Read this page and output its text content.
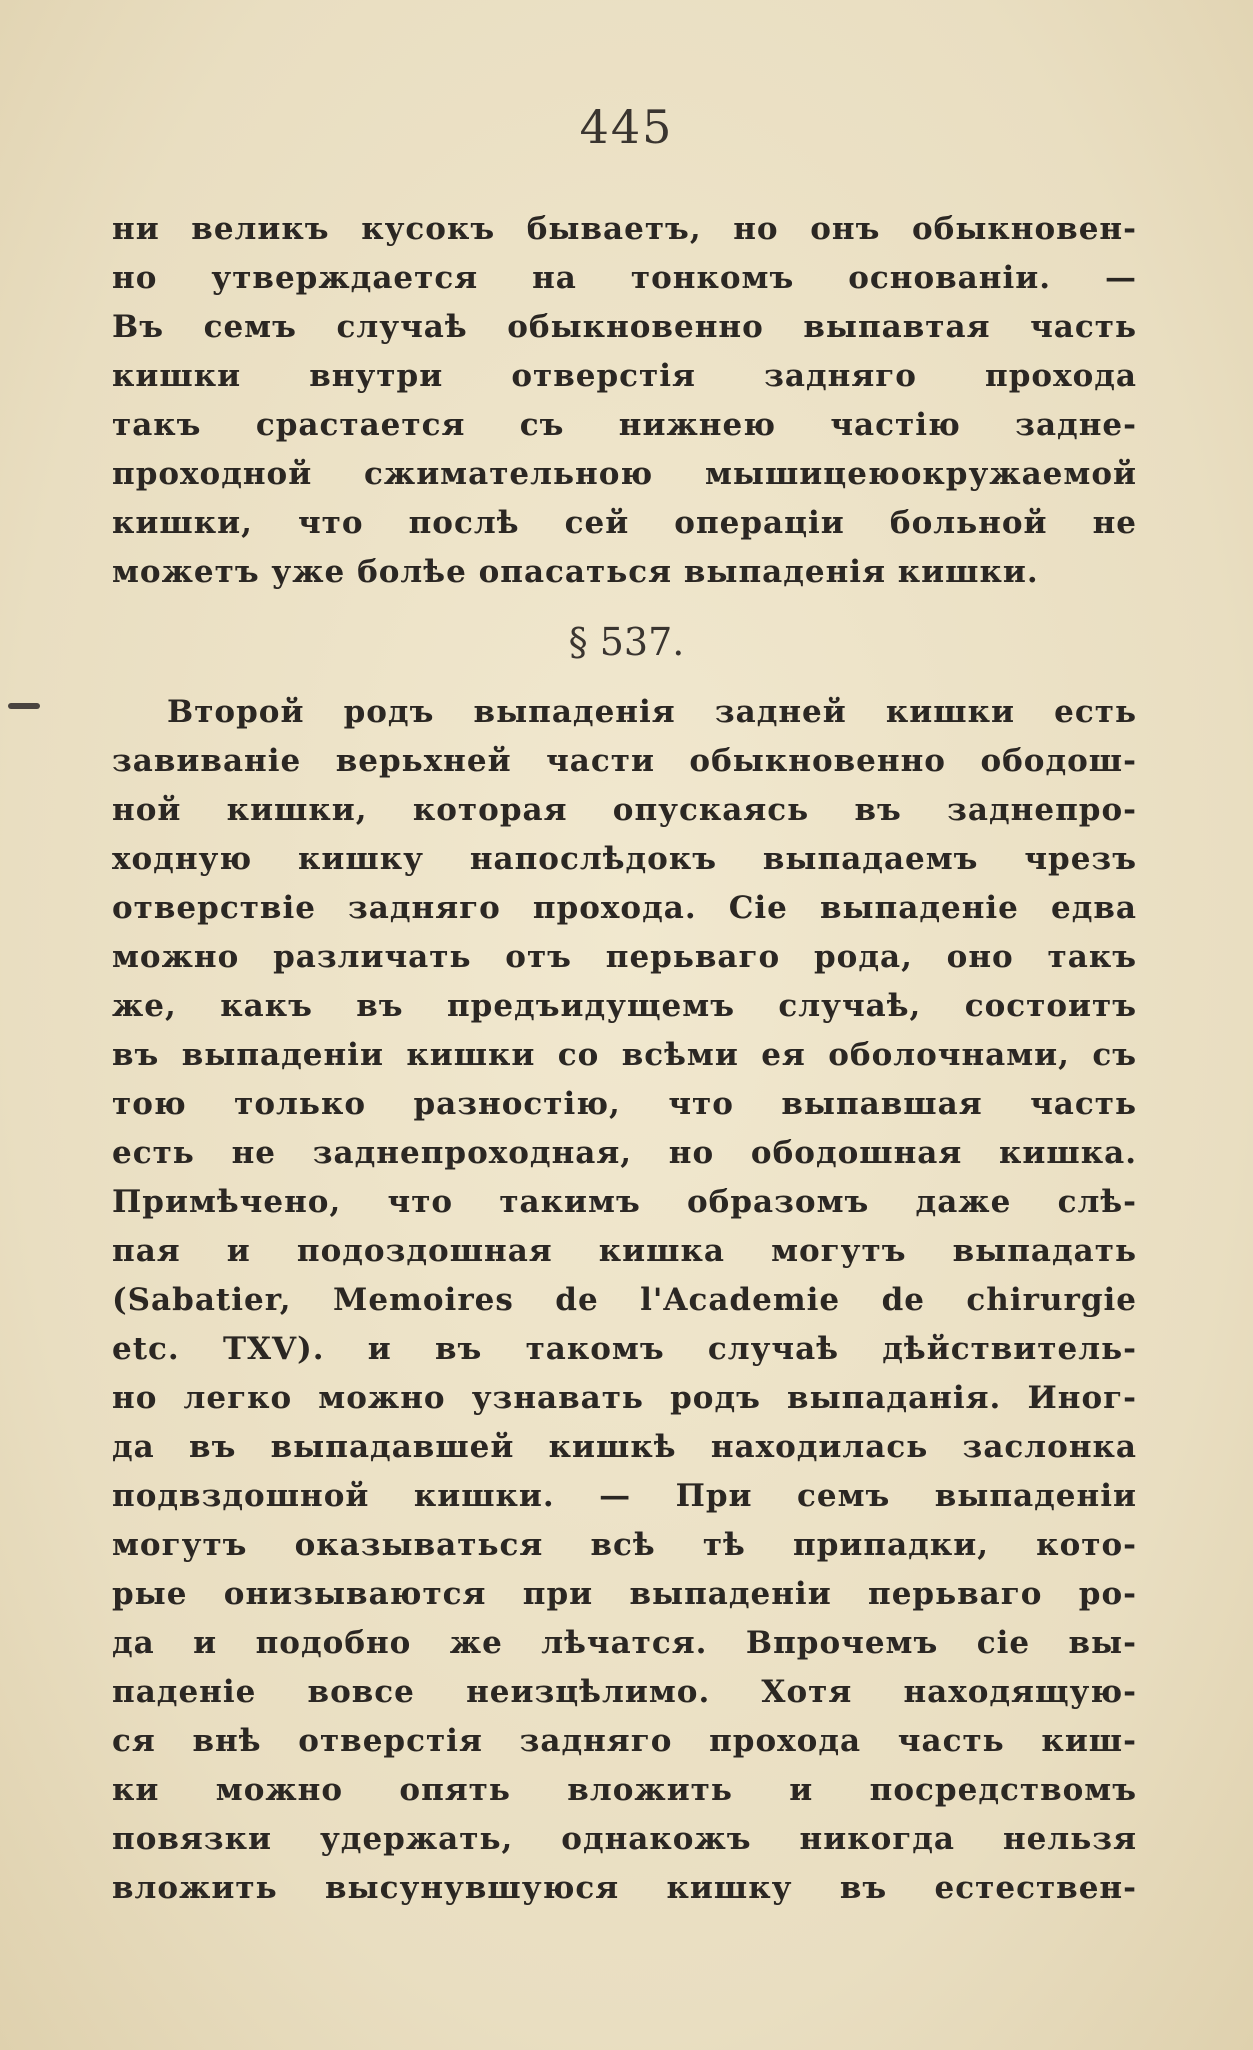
445
ни великъ кусокъ бываетъ, но онъ обыкновен-
но утверждается на тонкомъ основаніи. —
Въ семъ случаѣ обыкновенно выпавтая часть
кишки внутри отверстія задняго прохода
такъ срастается съ нижнею частію задне-
проходной сжимательною мышицеюокружаемой
кишки, что послѣ сей операціи больной не
можетъ уже болѣе опасаться выпаденія кишки.
§ 537.
Второй родъ выпаденія задней кишки есть
завиваніе верьхней части обыкновенно ободош-
ной кишки, которая опускаясь въ заднепро-
ходную кишку напослѣдокъ выпадаемъ чрезъ
отверствіе задняго прохода. Сіе выпаденіе едва
можно различать отъ перьваго рода, оно такъ
же, какъ въ предъидущемъ случаѣ, состоитъ
въ выпаденіи кишки со всѣми ея оболочнами, съ
тою только разностію, что выпавшая часть
есть не заднепроходная, но ободошная кишка.
Примѣчено, что такимъ образомъ даже слѣ-
пая и подоздошная кишка могутъ выпадать
(Sabatier, Memoires de l'Academie de chirurgie
etc. TXV). и въ такомъ случаѣ дѣйствитель-
но легко можно узнавать родъ выпаданія. Иног-
да въ выпадавшей кишкѣ находилась заслонка
подвздошной кишки. — При семъ выпаденіи
могутъ оказываться всѣ тѣ припадки, кото-
рые онизываются при выпаденіи перьваго ро-
да и подобно же лѣчатся. Впрочемъ сіе вы-
паденіе вовсе неизцѣлимо. Хотя находящую-
ся внѣ отверстія задняго прохода часть киш-
ки можно опять вложить и посредствомъ
повязки удержать, однакожъ никогда нельзя
вложить высунувшуюся кишку въ естествен-
